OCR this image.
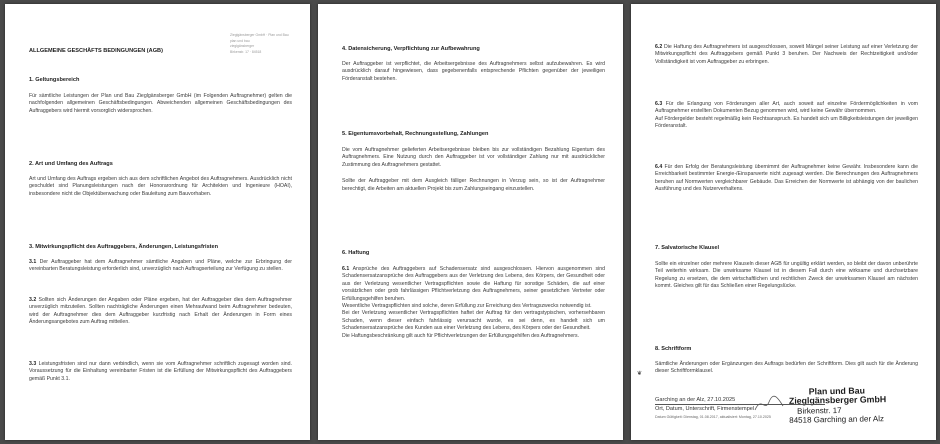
Zieglgänsberger GmbH · Plan und Bau
plan und bau
zieglgänsberger
Birkenstr. 17 · 84518
ALLGEMEINE GESCHÄFTS BEDINGUNGEN (AGB)
1. Geltungsbereich

Für sämtliche Leistungen der Plan und Bau Zieglgänsberger GmbH (im Folgenden Auftragnehmer) gelten die nachfolgenden allgemeinen Geschäftsbedingungen. Abweichenden allgemeinen Geschäftsbedingungen des Auftraggebers wird hiermit vorsorglich widersprochen.

2. Art und Umfang des Auftrags

Art und Umfang des Auftrags ergeben sich aus dem schriftlichen Angebot des Auftragnehmers. Ausdrücklich nicht geschuldet sind Planungsleistungen nach der Honorarordnung für Architekten und Ingenieure (HOAI), insbesondere nicht die Objektüberwachung oder Bauleitung zum Bauvorhaben.

3. Mitwirkungspflicht des Auftraggebers, Änderungen, Leistungsfristen

3.1 Der Auftraggeber hat dem Auftragnehmer sämtliche Angaben und Pläne, welche zur Erbringung der vereinbarten Beratungsleistung erforderlich sind, unverzüglich nach Auftragserteilung zur Verfügung zu stellen.

3.2 Sollten sich Änderungen der Angaben oder Pläne ergeben, hat der Auftraggeber dies dem Auftragnehmer unverzüglich mitzuteilen. Sollten nachträgliche Änderungen einen Mehraufwand beim Auftragnehmer bedeuten, wird der Auftragnehmer dies dem Auftraggeber kurzfristig nach Erhalt der Änderungen in Form eines Änderungsangebotes zum Auftrag mitteilen.

3.3 Leistungsfristen sind nur dann verbindlich, wenn sie vom Auftragnehmer schriftlich zugesagt worden sind. Voraussetzung für die Einhaltung vereinbarter Fristen ist die Erfüllung der Mitwirkungspflicht des Auftraggebers gemäß Punkt 3.1.

4. Datensicherung, Verpflichtung zur Aufbewahrung

Der Auftraggeber ist verpflichtet, die Arbeitsergebnisse des Auftragnehmers selbst aufzubewahren. Es wird ausdrücklich darauf hingewiesen, dass gegebenenfalls entsprechende Pflichten gegenüber der jeweiligen Förderanstalt bestehen.

5. Eigentumsvorbehalt, Rechnungsstellung, Zahlungen

Die vom Auftragnehmer gelieferten Arbeitsergebnisse bleiben bis zur vollständigen Bezahlung Eigentum des Auftragnehmers. Eine Nutzung durch den Auftraggeber ist vor vollständiger Zahlung nur mit ausdrücklicher Zustimmung des Auftragnehmers gestattet.

Sollte der Auftraggeber mit dem Ausgleich fälliger Rechnungen in Verzug sein, so ist der Auftragnehmer berechtigt, die Arbeiten am aktuellen Projekt bis zum Zahlungseingang einzustellen.

6. Haftung

6.1 Ansprüche des Auftraggebers auf Schadensersatz sind ausgeschlossen. Hiervon ausgenommen sind Schadensersatzansprüche des Auftraggebers aus der Verletzung des Lebens, des Körpers, der Gesundheit oder aus der Verletzung wesentlicher Vertragspflichten sowie die Haftung für sonstige Schäden, die auf einer vorsätzlichen oder grob fahrlässigen Pflichtverletzung des Auftragnehmers, seiner gesetzlichen Vertreter oder Erfüllungsgehilfen beruhen.

Wesentliche Vertragspflichten sind solche, deren Erfüllung zur Erreichung des Vertragszwecks notwendig ist.

Bei der Verletzung wesentlicher Vertragspflichten haftet der Auftrag für den vertragstypischen, vorhersehbaren Schaden, wenn dieser einfach fahrlässig verursacht wurde, es sei denn, es handelt sich um Schadensersatzansprüche des Kunden aus einer Verletzung des Lebens, des Körpers oder der Gesundheit.

Die Haftungsbeschränkung gilt auch für Pflichtverletzungen der Erfüllungsgehilfen des Auftragnehmers.

6.2 Die Haftung des Auftragnehmers ist ausgeschlossen, soweit Mängel seiner Leistung auf einer Verletzung der Mitwirkungspflicht des Auftraggebers gemäß Punkt 3 beruhen. Der Nachweis der Rechtzeitigkeit und/oder Vollständigkeit ist vom Auftraggeber zu erbringen.

6.3 Für die Erlangung von Förderungen aller Art, auch soweit auf einzelne Fördermöglichkeiten in vom Auftragnehmer erstellten Dokumenten Bezug genommen wird, wird keine Gewähr übernommen.

Auf Fördergelder besteht regelmäßig kein Rechtsanspruch. Es handelt sich um Billigkeitsleistungen der jeweiligen Förderanstalt.

6.4 Für den Erfolg der Beratungsleistung übernimmt der Auftragnehmer keine Gewähr. Insbesondere kann die Erreichbarkeit bestimmter Energie-/Einsparwerte nicht zugesagt werden. Die Berechnungen des Auftragnehmers beruhen auf Normwerten vergleichbarer Gebäude. Das Erreichen der Normwerte ist abhängig von der baulichen Ausführung und des Nutzerverhaltens.

7. Salvatorische Klausel

Sollte ein einzelner oder mehrere Klauseln dieser AGB für ungültig erklärt werden, so bleibt der davon unberührte Teil weiterhin wirksam. Die unwirksame Klausel ist in diesem Fall durch eine wirksame und durchsetzbare Regelung zu ersetzen, die dem wirtschaftlichen und rechtlichen Zweck der unwirksamen Klausel am nächsten kommt. Gleiches gilt für das Schließen einer Regelungslücke.

8. Schriftform

Sämtliche Änderungen oder Ergänzungen des Auftrags bedürfen der Schriftform. Dies gilt auch für die Änderung dieser Schriftformklausel.

❦
Plan und Bau
Zieglgänsberger GmbH
Birkenstr. 17
84518 Garching an der Alz
Garching an der Alz, 27.10.2025
Ort, Datum, Unterschrift, Firmenstempel
Datum Gültigkeit: Dienstag, 01.08.2017, aktualisiert: Montag, 27.10.2025
